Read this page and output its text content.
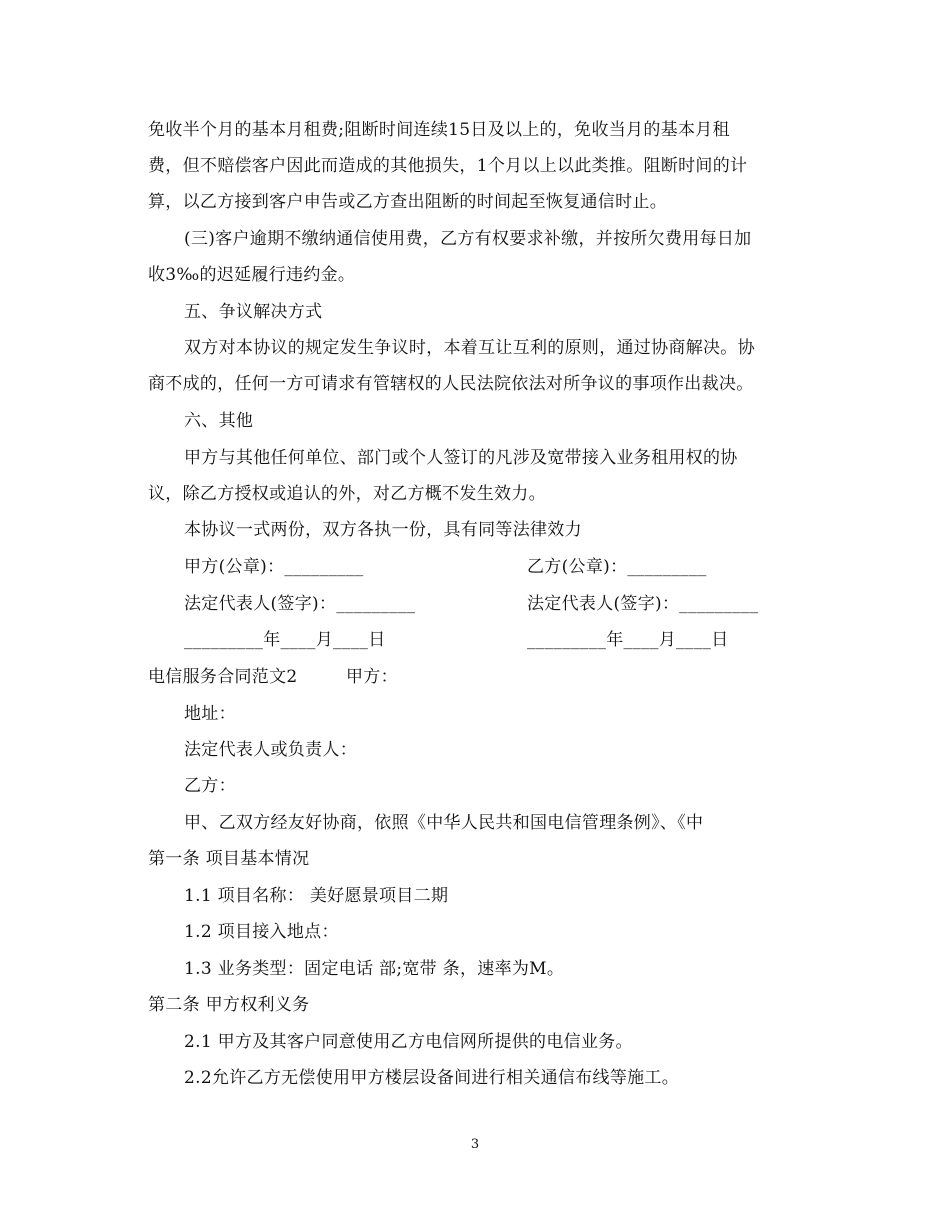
免收半个月的基本月租费;阻断时间连续15日及以上的，免收当月的基本月租
费，但不赔偿客户因此而造成的其他损失，1个月以上以此类推。阻断时间的计
算，以乙方接到客户申告或乙方查出阻断的时间起至恢复通信时止。
(三)客户逾期不缴纳通信使用费，乙方有权要求补缴，并按所欠费用每日加
收3‰的迟延履行违约金。
五、争议解决方式
双方对本协议的规定发生争议时，本着互让互利的原则，通过协商解决。协
商不成的，任何一方可请求有管辖权的人民法院依法对所争议的事项作出裁决。
六、其他
甲方与其他任何单位、部门或个人签订的凡涉及宽带接入业务租用权的协
议，除乙方授权或追认的外，对乙方概不发生效力。
本协议一式两份，双方各执一份，具有同等法律效力
甲方(公章)：_________	乙方(公章)：_________
法定代表人(签字)：_________	法定代表人(签字)：_________
_________年____月____日	_________年____月____日
电信服务合同范文2	甲方：
地址：
法定代表人或负责人：
乙方：
甲、乙双方经友好协商，依照《中华人民共和国电信管理条例》、《中
第一条 项目基本情况
1.1 项目名称： 美好愿景项目二期
1.2 项目接入地点：
1.3 业务类型：固定电话 部;宽带 条，速率为M。
第二条 甲方权利义务
2.1 甲方及其客户同意使用乙方电信网所提供的电信业务。
2.2允许乙方无偿使用甲方楼层设备间进行相关通信布线等施工。
3
